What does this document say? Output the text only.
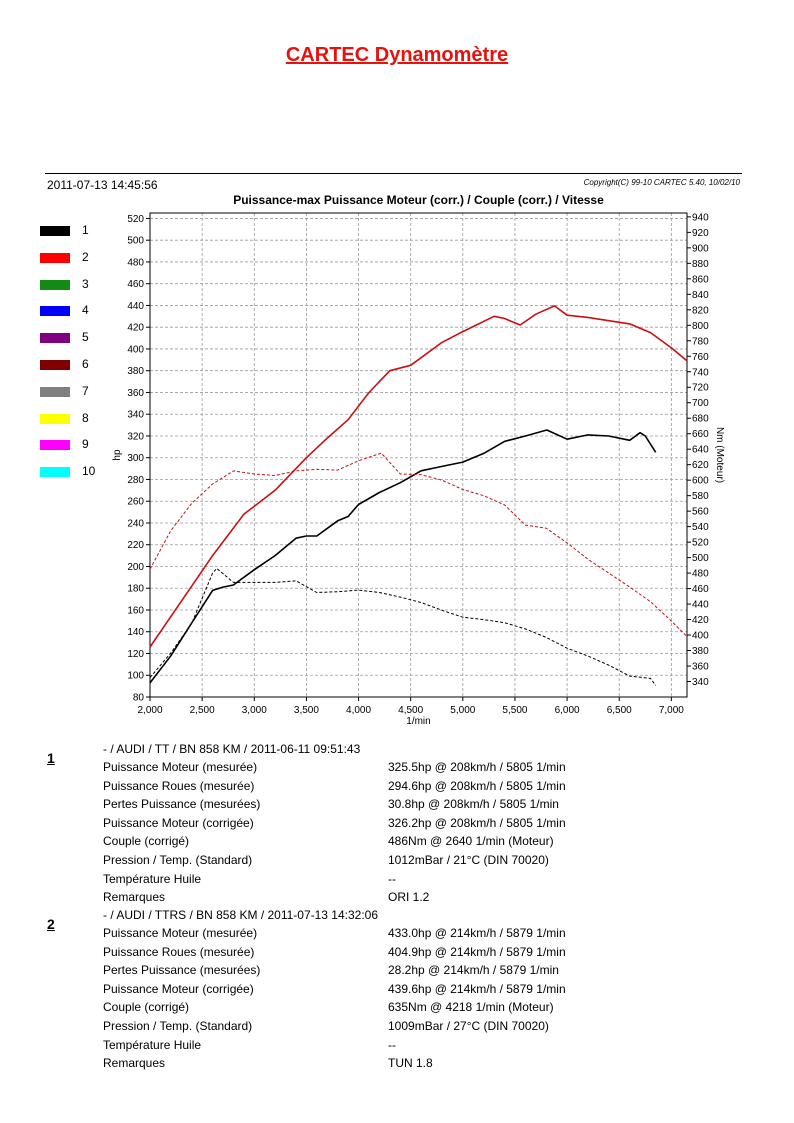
CARTEC Dynamomètre
2011-07-13 14:45:56	Copyright(C) 99-10 CARTEC 5.40, 10/02/10
Puissance-max Puissance Moteur (corr.) / Couple (corr.) / Vitesse
2,000	2,500	3,000	3,500	4,000	4,500	5,000	5,500	6,000	6,500	7,000
80
100
120
140
160
180
200
220
240
260
280
300
320
340
360
380
400
420
440
460
480
500
520
340
360
380
400
420
440
460
480
500
520
540
560
580
600
620
640
660
680
700
720
740
760
780
800
820
840
860
880
900
920
940
1/min
hp	Nm (Moteur)
1
2
3
4
5
6
7
8
9
10
1
- / AUDI / TT / BN 858 KM / 2011-06-11 09:51:43
Puissance Moteur (mesurée)	325.5hp @ 208km/h / 5805 1/min
Puissance Roues (mesurée)	294.6hp @ 208km/h / 5805 1/min
Pertes Puissance (mesurées)	30.8hp @ 208km/h / 5805 1/min
Puissance Moteur (corrigée)	326.2hp @ 208km/h / 5805 1/min
Couple (corrigé)	486Nm @ 2640 1/min (Moteur)
Pression / Temp. (Standard)	1012mBar / 21°C (DIN 70020)
Température Huile	--
Remarques	ORI 1.2
2
- / AUDI / TTRS / BN 858 KM / 2011-07-13 14:32:06
Puissance Moteur (mesurée)	433.0hp @ 214km/h / 5879 1/min
Puissance Roues (mesurée)	404.9hp @ 214km/h / 5879 1/min
Pertes Puissance (mesurées)	28.2hp @ 214km/h / 5879 1/min
Puissance Moteur (corrigée)	439.6hp @ 214km/h / 5879 1/min
Couple (corrigé)	635Nm @ 4218 1/min (Moteur)
Pression / Temp. (Standard)	1009mBar / 27°C (DIN 70020)
Température Huile	--
Remarques	TUN 1.8
